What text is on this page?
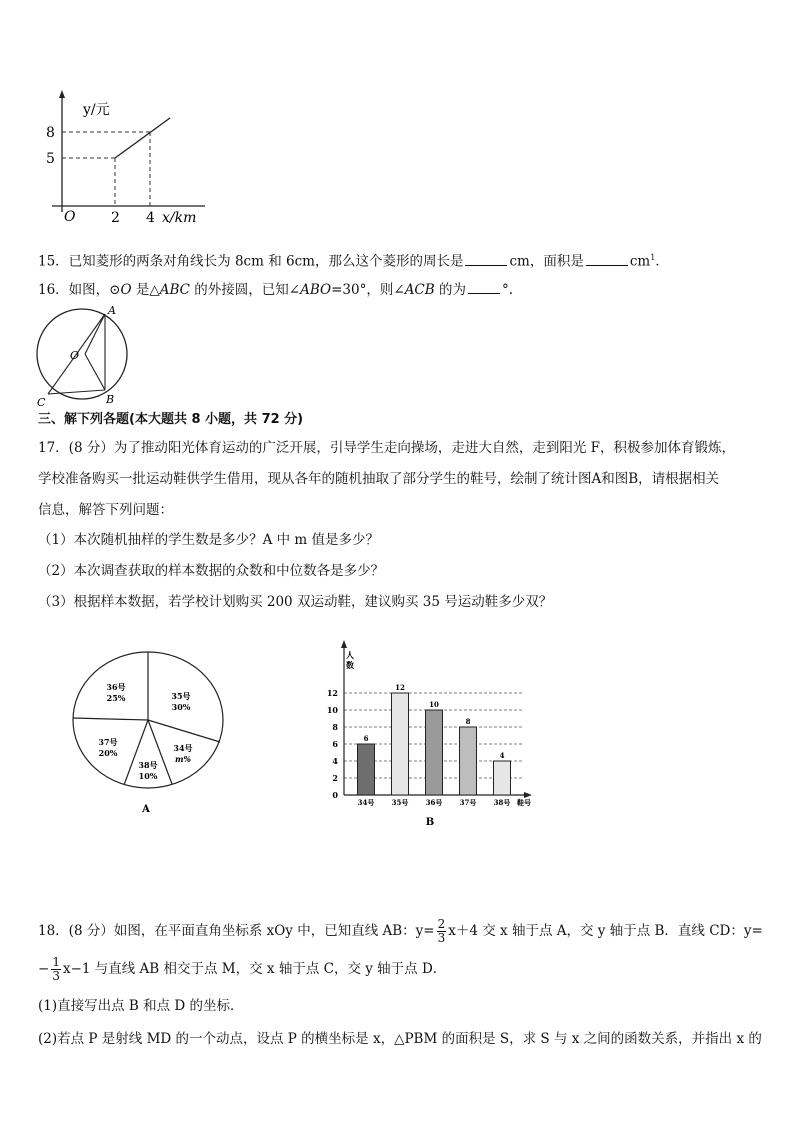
y/元
8
5
O	2 4 x/km
15．已知菱形的两条对角线长为 8cm 和 6cm，那么这个菱形的周长是	cm，面积是	$cm^1$．
16．如图，⊙O 是△ABC 的外接圆，已知∠ABO=30°，则∠ACB 的为	°.
A
B
C
O
三、解下列各题(本大题共 8 小题，共 72 分)
17．(8 分）为了推动阳光体育运动的广泛开展，引导学生走向操场，走进大自然，走到阳光 F，积极参加体育锻炼，
学校准备购买一批运动鞋供学生借用，现从各年的随机抽取了部分学生的鞋号，绘制了统计图A和图B，请根据相关
信息，解答下列问题：
（1）本次随机抽样的学生数是多少？A 中 m 值是多少？
（2）本次调查获取的样本数据的众数和中位数各是多少？
（3）根据样本数据，若学校计划购买 200 双运动鞋，建议购买 35 号运动鞋多少双？
35号
30%
34号
m%
38号
10%
37号
20%
36号
25%
A
0
2
4
6
8
10
12
人
数
6
34号
12
35号
10
36号
8
37号
4
38号 鞋号
B
18．(8 分）如图，在平面直角坐标系 xOy 中，已知直线 AB：$y= \frac{2}{3} x+4$ 交 x 轴于点 A，交 y 轴于点 B．直线 CD：y=
− $\frac{1}{3} x-1$ 与直线 AB 相交于点 M，交 x 轴于点 C，交 y 轴于点 D．
(1)直接写出点 B 和点 D 的坐标．
(2)若点 P 是射线 MD 的一个动点，设点 P 的横坐标是 x，△PBM 的面积是 S，求 S 与 x 之间的函数关系，并指出 x 的
